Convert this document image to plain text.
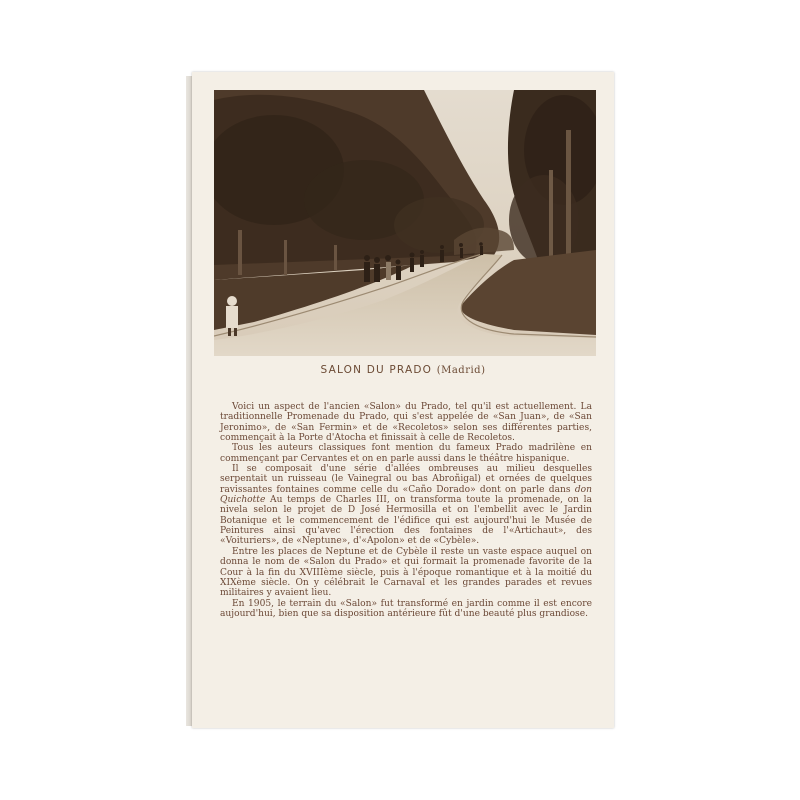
SALON DU PRADO (Madrid)

Voici un aspect de l'ancien «Salon» du Prado, tel qu'il est actuellement. La traditionnelle Promenade du Prado, qui s'est appelée de «San Juan», de «San Jeronimo», de «San Fermin» et de «Recoletos» selon ses différentes parties, commençait à la Porte d'Atocha et finissait à celle de Recoletos.

Tous les auteurs classiques font mention du fameux Prado madrilène en commençant par Cervantes et on en parle aussi dans le théâtre hispanique.

Il se composait d'une série d'allées ombreuses au milieu desquelles serpentait un ruisseau (le Vainegral ou bas Abroñigal) et ornées de quelques ravissantes fontaines comme celle du «Caño Dorado» dont on parle dans don Quichotte Au temps de Charles III, on transforma toute la promenade, on la nivela selon le projet de D José Hermosilla et on l'embellit avec le Jardin Botanique et le commencement de l'édifice qui est aujourd'hui le Musée de Peintures ainsi qu'avec l'érection des fontaines de l'«Artichaut», des «Voituriers», de «Neptune», d'«Apolon» et de «Cybèle».

Entre les places de Neptune et de Cybèle il reste un vaste espace auquel on donna le nom de «Salon du Prado» et qui formait la promenade favorite de la Cour à la fin du XVIIIème siècle, puis à l'époque romantique et à la moitié du XIXème siècle. On y célébrait le Carnaval et les grandes parades et revues militaires y avaient lieu.

En 1905, le terrain du «Salon» fut transformé en jardin comme il est encore aujourd'hui, bien que sa disposition antérieure fût d'une beauté plus grandiose.
